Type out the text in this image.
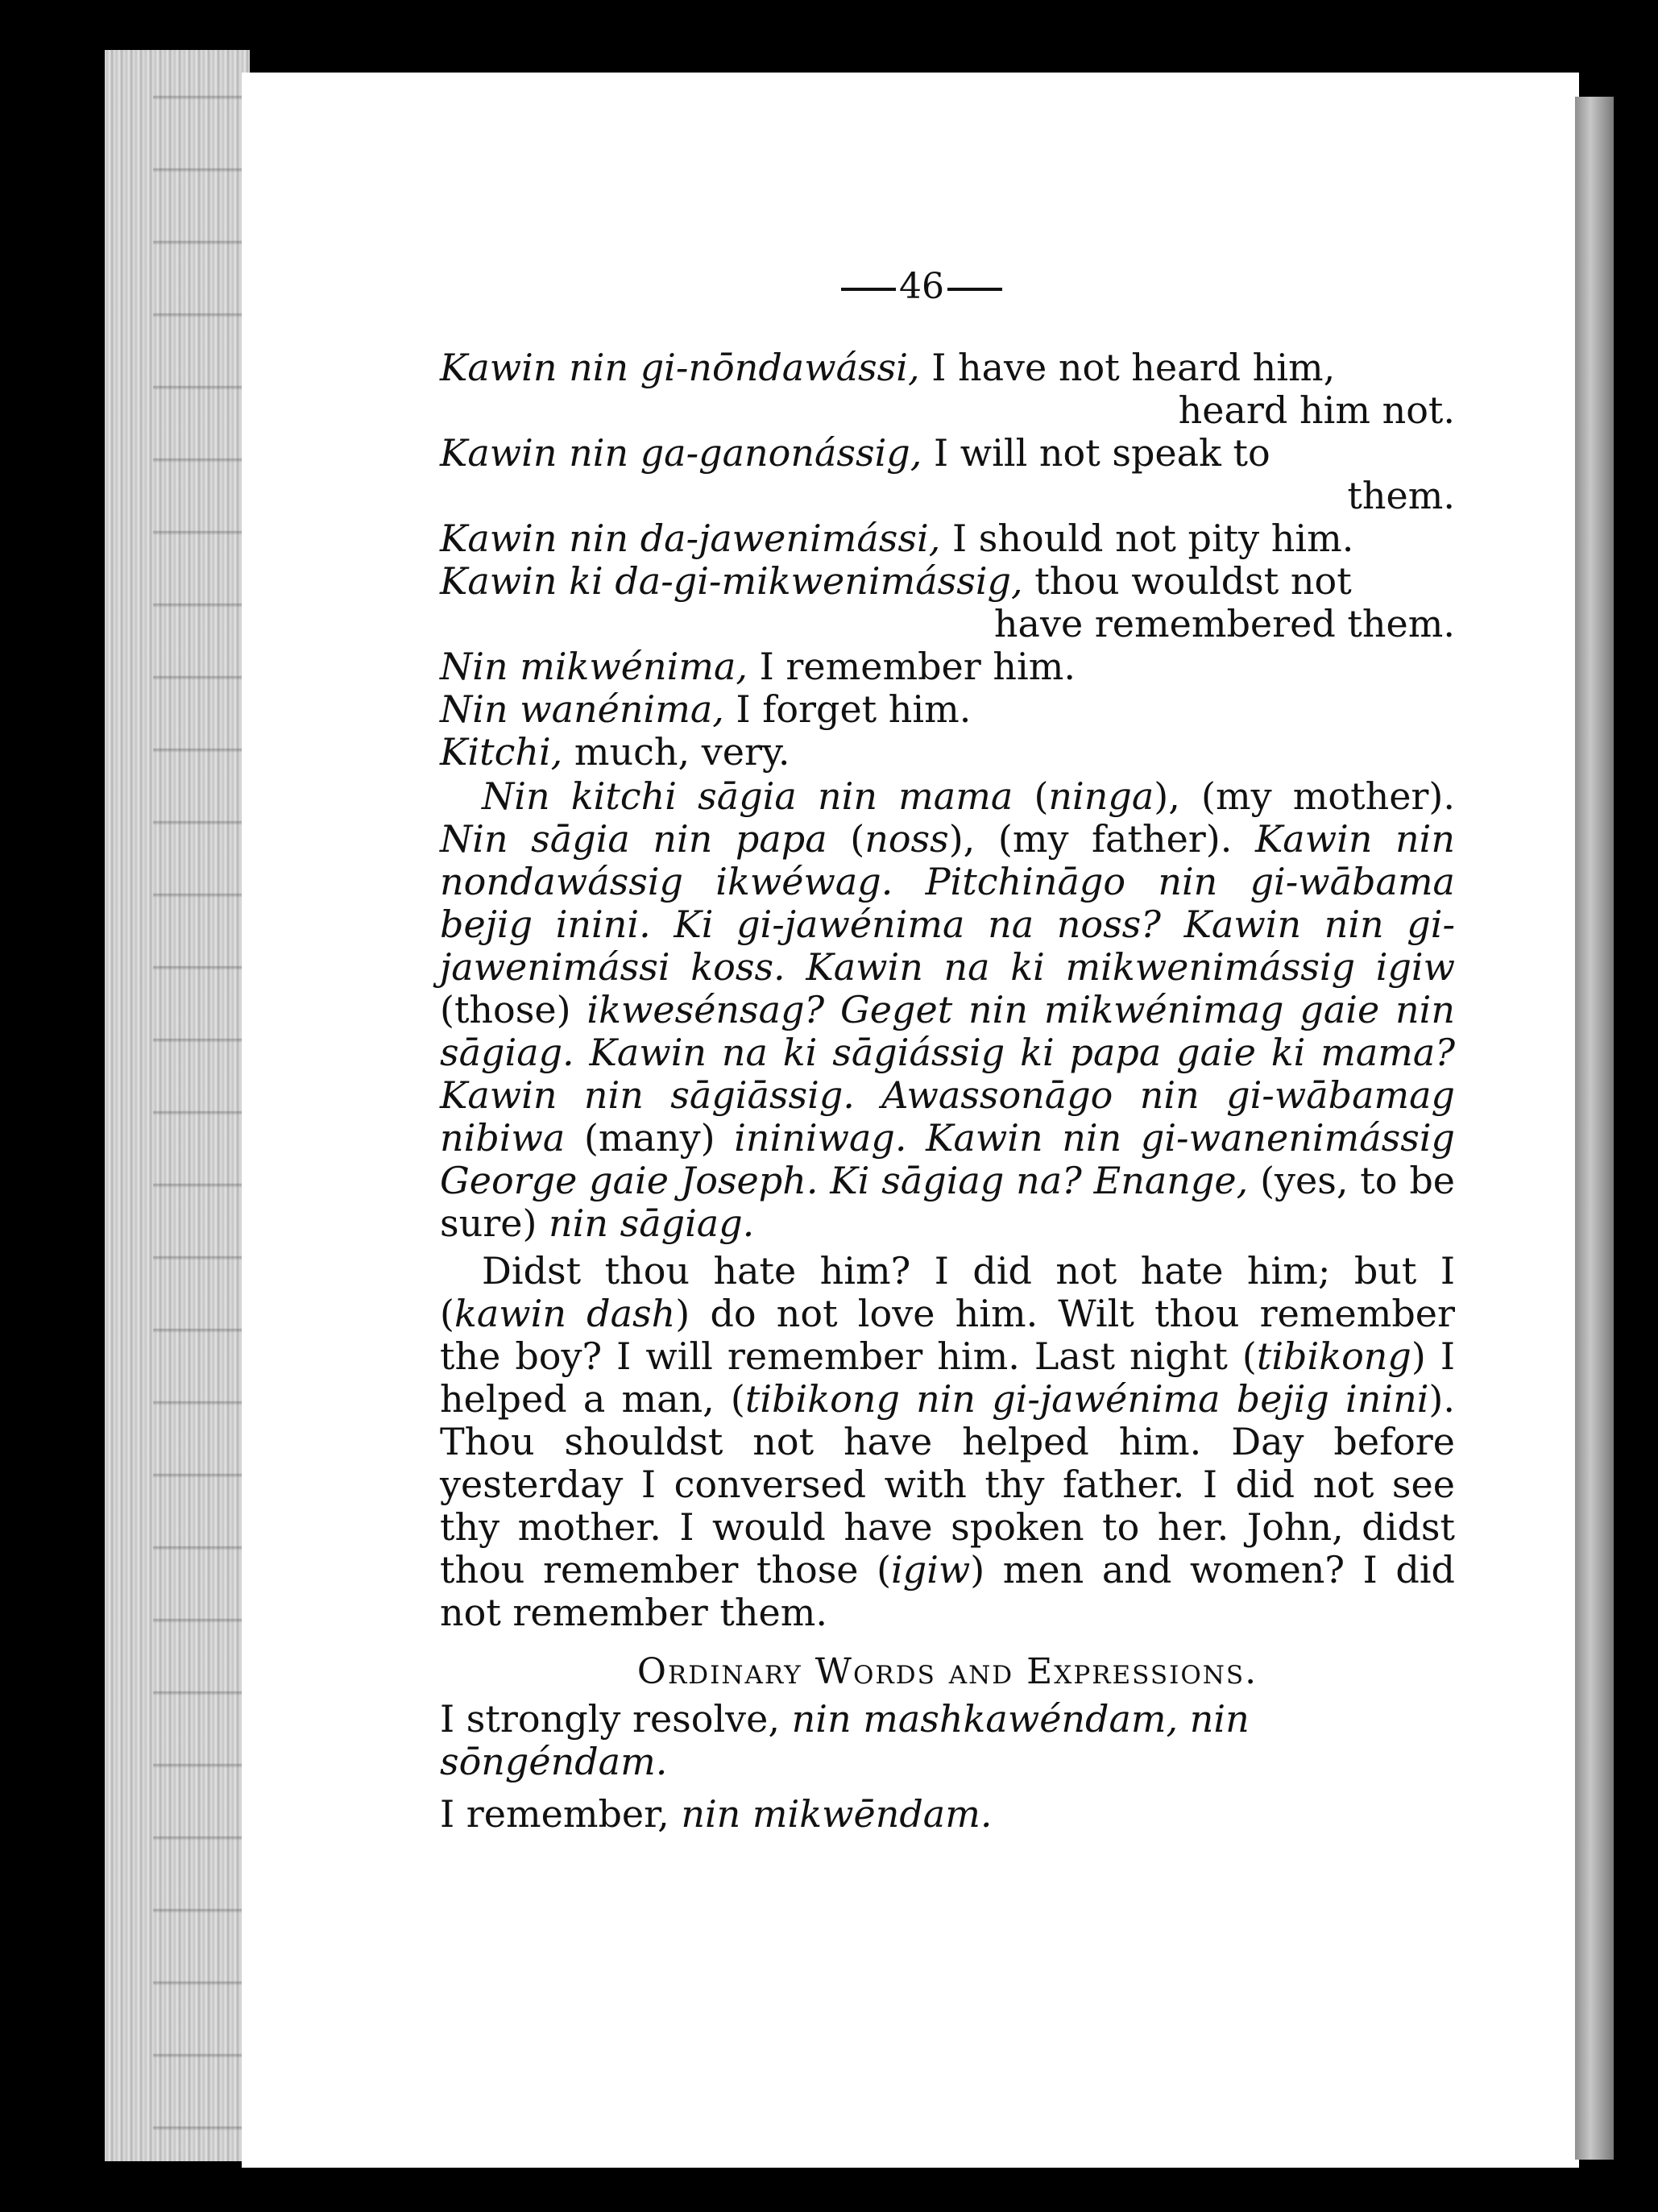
46
Kawin nin gi-nōndawássi, I have not heard him,
heard him not.
Kawin nin ga-ganonássig, I will not speak to
them.
Kawin nin da-jawenimássi, I should not pity him.
Kawin ki da-gi-mikwenimássig, thou wouldst not
have remembered them.
Nin mikwénima, I remember him.
Nin wanénima, I forget him.
Kitchi, much, very.
Nin kitchi sāgia nin mama (ninga), (my mother). Nin sāgia nin papa (noss), (my father). Kawin nin nondawássig ikwéwag. Pitchināgo nin gi-wābama bejig inini. Ki gi-jawénima na noss? Kawin nin gi-jawenimássi koss. Kawin na ki mikwenimássig igiw (those) ikwesénsag? Geget nin mikwénimag gaie nin sāgiag. Kawin na ki sāgiássig ki papa gaie ki mama? Kawin nin sāgiāssig. Awassonāgo nin gi-wābamag nibiwa (many) ininiwag. Kawin nin gi-wanenimássig George gaie Joseph. Ki sāgiag na? Enange, (yes, to be sure) nin sāgiag.
Didst thou hate him? I did not hate him; but I (kawin dash) do not love him. Wilt thou remember the boy? I will remember him. Last night (tibikong) I helped a man, (tibikong nin gi-jawénima bejig inini). Thou shouldst not have helped him. Day before yesterday I conversed with thy father. I did not see thy mother. I would have spoken to her. John, didst thou remember those (igiw) men and women? I did not remember them.
Ordinary Words and Expressions.
I strongly resolve, nin mashkawéndam, nin sōngéndam.
I remember, nin mikwēndam.
